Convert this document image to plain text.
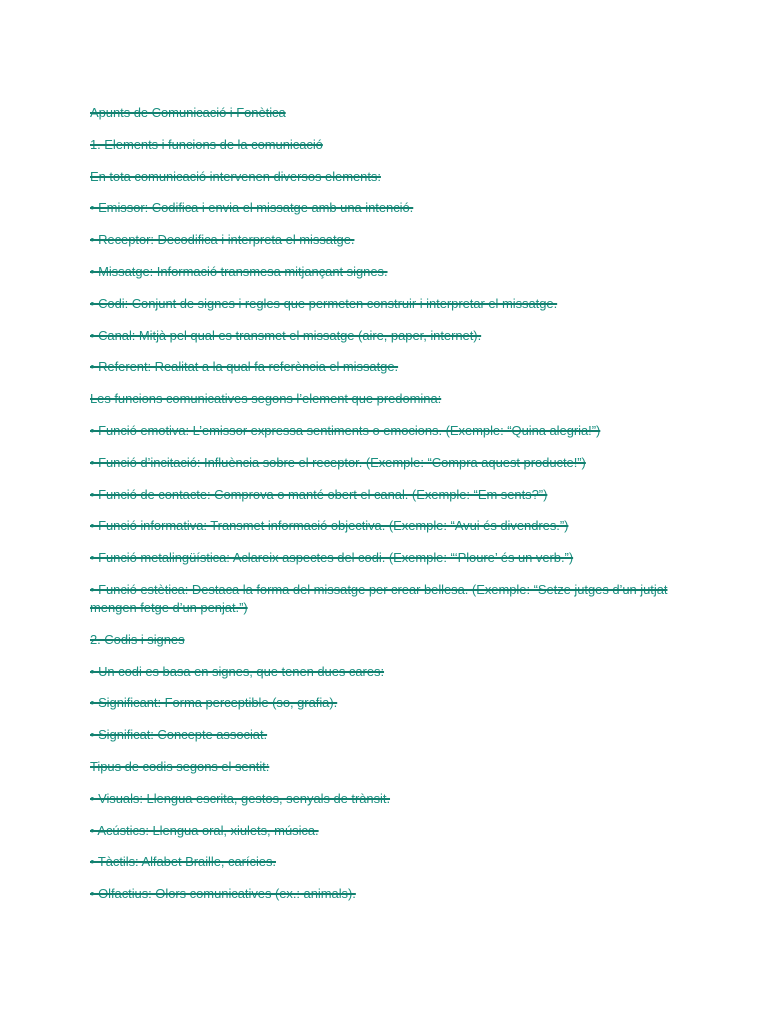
Apunts de Comunicació i Fonètica
1. Elements i funcions de la comunicació
En tota comunicació intervenen diversos elements:
• Emissor: Codifica i envia el missatge amb una intenció.
• Receptor: Decodifica i interpreta el missatge.
• Missatge: Informació transmesa mitjançant signes.
• Codi: Conjunt de signes i regles que permeten construir i interpretar el missatge.
• Canal: Mitjà pel qual es transmet el missatge (aire, paper, internet).
• Referent: Realitat a la qual fa referència el missatge.
Les funcions comunicatives segons l’element que predomina:
• Funció emotiva: L’emissor expressa sentiments o emocions. (Exemple: “Quina alegria!”)
• Funció d’incitació: Influència sobre el receptor. (Exemple: “Compra aquest producte!”)
• Funció de contacte: Comprova o manté obert el canal. (Exemple: “Em sents?”)
• Funció informativa: Transmet informació objectiva. (Exemple: “Avui és divendres.”)
• Funció metalingüística: Aclareix aspectes del codi. (Exemple: “‘Ploure’ és un verb.”)
• Funció estètica: Destaca la forma del missatge per crear bellesa. (Exemple: “Setze jutges d’un jutjat mengen fetge d’un penjat.”)
2. Codis i signes
• Un codi es basa en signes, que tenen dues cares:
• Significant: Forma perceptible (so, grafia).
• Significat: Concepte associat.
Tipus de codis segons el sentit:
• Visuals: Llengua escrita, gestos, senyals de trànsit.
• Acústics: Llengua oral, xiulets, música.
• Tàctils: Alfabet Braille, carícies.
• Olfactius: Olors comunicatives (ex.: animals).
